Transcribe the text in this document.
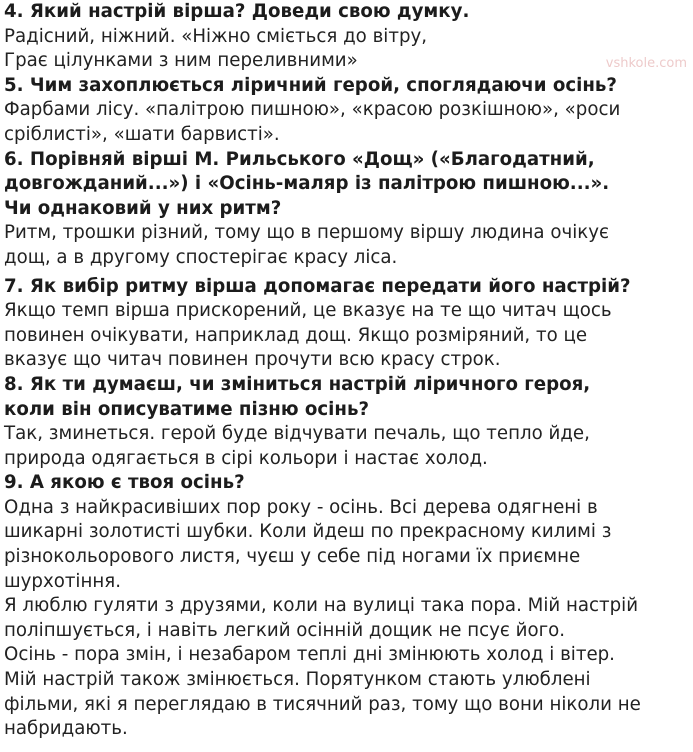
vshkole.com
4. Який настрій вірша? Доведи свою думку.
Радісний, ніжний. «Ніжно сміється до вітру,
Грає цілунками з ним переливними»
5. Чим захоплюється ліричний герой, споглядаючи осінь?
Фарбами лісу. «палітрою пишною», «красою розкішною», «роси
сріблисті», «шати барвисті».
6. Порівняй вірші М. Рильського «Дощ» («Благодатний,
довгожданий...») і «Осінь-маляр із палітрою пишною...».
Чи однаковий у них ритм?
Ритм, трошки різний, тому що в першому віршу людина очікує
дощ, а в другому спостерігає красу ліса.
7. Як вибір ритму вірша допомагає передати його настрій?
Якщо темп вірша прискорений, це вказує на те що читач щось
повинен очікувати, наприклад дощ. Якщо розміряний, то це
вказує що читач повинен прочути всю красу строк.
8. Як ти думаєш, чи зміниться настрій ліричного героя,
коли він описуватиме пізню осінь?
Так, зминеться. герой буде відчувати печаль, що тепло йде,
природа одягається в сірі кольори і настає холод.
9. А якою є твоя осінь?
Одна з найкрасивіших пор року - осінь. Всі дерева одягнені в
шикарні золотисті шубки. Коли йдеш по прекрасному килимі з
різнокольорового листя, чуєш у себе під ногами їх приємне
шурхотіння.
Я люблю гуляти з друзями, коли на вулиці така пора. Мій настрій
поліпшується, і навіть легкий осінній дощик не псує його.
Осінь - пора змін, і незабаром теплі дні змінюють холод і вітер.
Мій настрій також змінюється. Порятунком стають улюблені
фільми, які я переглядаю в тисячний раз, тому що вони ніколи не
набридають.
